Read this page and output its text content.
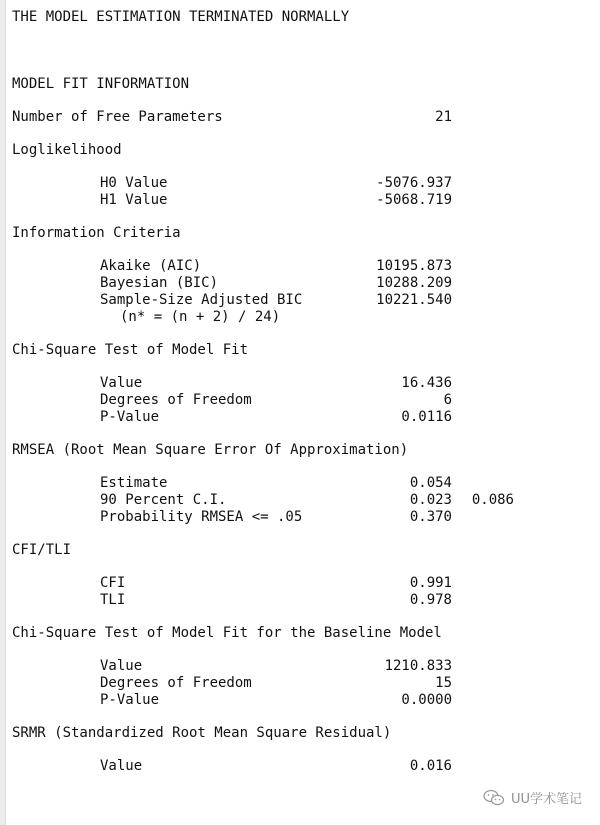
THE MODEL ESTIMATION TERMINATED NORMALLY
MODEL FIT INFORMATION
Number of Free Parameters	21
Loglikelihood
H0 Value	-5076.937
H1 Value	-5068.719
Information Criteria
Akaike (AIC)	10195.873
Bayesian (BIC)	10288.209
Sample-Size Adjusted BIC	10221.540
(n* = (n + 2) / 24)
Chi-Square Test of Model Fit
Value	16.436
Degrees of Freedom	6
P-Value	0.0116
RMSEA (Root Mean Square Error Of Approximation)
Estimate	0.054
90 Percent C.I.	0.023 0.086
Probability RMSEA <= .05	0.370
CFI/TLI
CFI	0.991
TLI	0.978
Chi-Square Test of Model Fit for the Baseline Model
Value	1210.833
Degrees of Freedom	15
P-Value	0.0000
SRMR (Standardized Root Mean Square Residual)
Value	0.016
UU学术笔记
